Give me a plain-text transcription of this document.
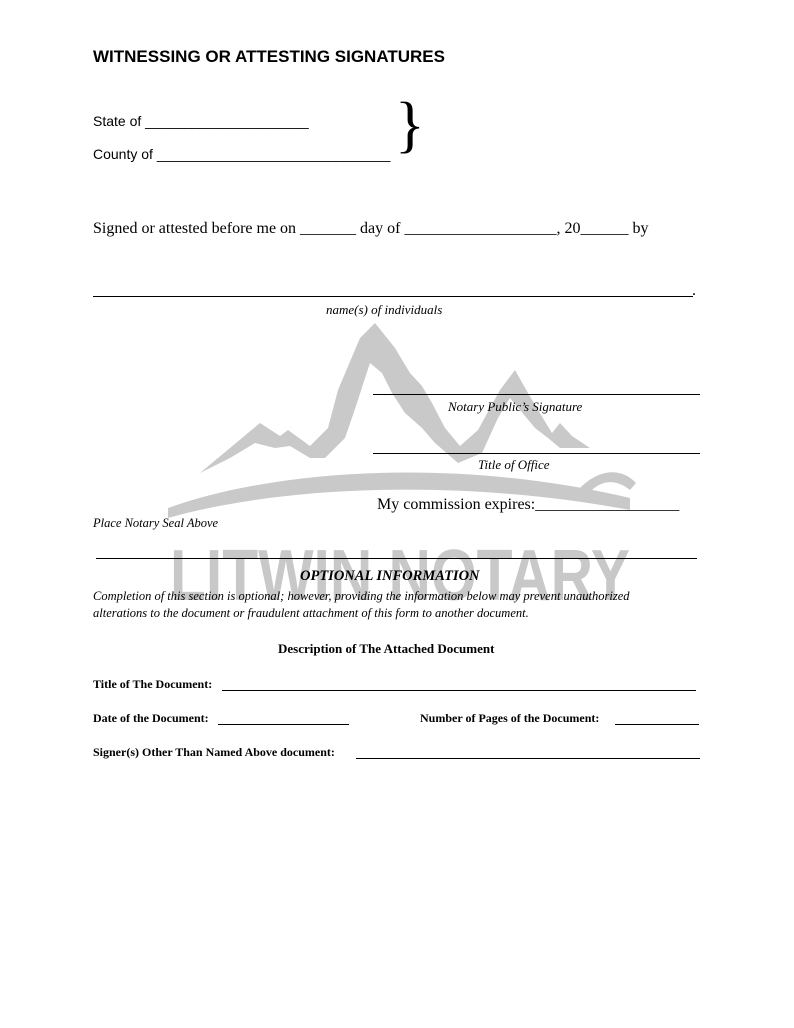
LITWIN NOTARY
WITNESSING OR ATTESTING SIGNATURES
State of _____________________
County of ______________________________ }
Signed or attested before me on _______ day of ___________________, 20______ by
.
name(s) of individuals
Notary Public’s Signature
Title of Office
My commission expires:__________________
Place Notary Seal Above
OPTIONAL INFORMATION
Completion of this section is optional; however, providing the information below may prevent unauthorized
alterations to the document or fraudulent attachment of this form to another document.
Description of The Attached Document
Title of The Document:
Date of the Document:	Number of Pages of the Document:
Signer(s) Other Than Named Above document:
